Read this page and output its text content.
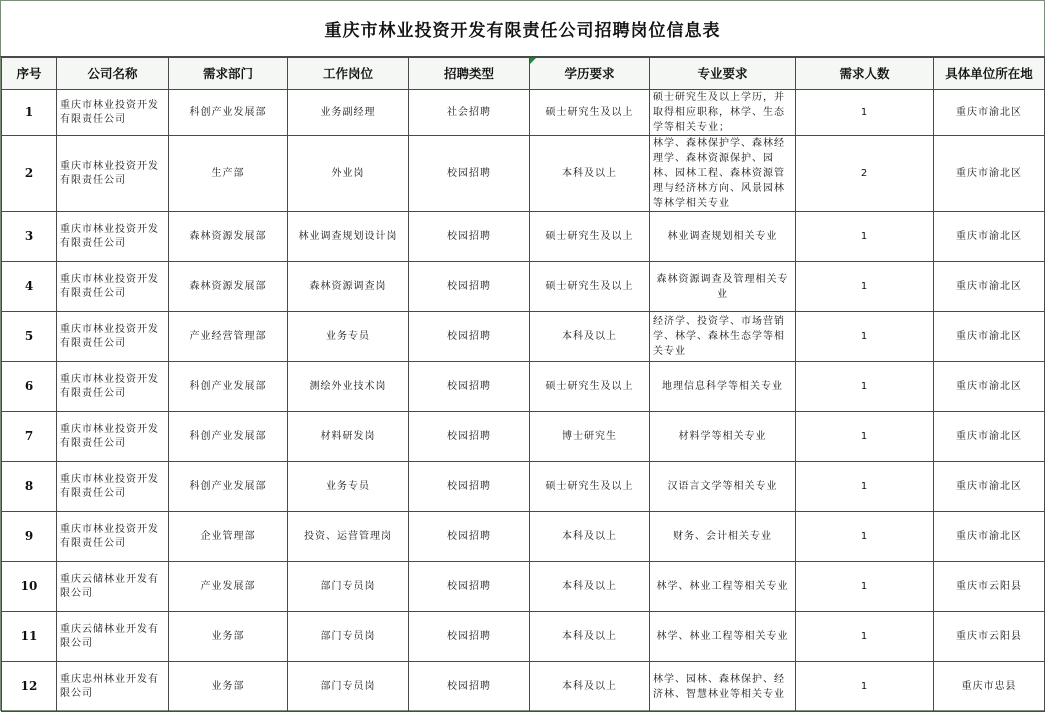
重庆市林业投资开发有限责任公司招聘岗位信息表
序号	公司名称	需求部门	工作岗位	招聘类型	学历要求	专业要求	需求人数	具体单位所在地
1	重庆市林业投资开发有限责任公司	科创产业发展部	业务副经理	社会招聘	硕士研究生及以上	硕士研究生及以上学历，并取得相应职称，林学、生态学等相关专业；	1	重庆市渝北区
2	重庆市林业投资开发有限责任公司	生产部	外业岗	校园招聘	本科及以上	林学、森林保护学、森林经理学、森林资源保护、园林、园林工程、森林资源管理与经济林方向、风景园林等林学相关专业	2	重庆市渝北区
3	重庆市林业投资开发有限责任公司	森林资源发展部	林业调查规划设计岗	校园招聘	硕士研究生及以上	林业调查规划相关专业	1	重庆市渝北区
4	重庆市林业投资开发有限责任公司	森林资源发展部	森林资源调查岗	校园招聘	硕士研究生及以上	森林资源调查及管理相关专业	1	重庆市渝北区
5	重庆市林业投资开发有限责任公司	产业经营管理部	业务专员	校园招聘	本科及以上	经济学、投资学、市场营销学、林学、森林生态学等相关专业	1	重庆市渝北区
6	重庆市林业投资开发有限责任公司	科创产业发展部	测绘外业技术岗	校园招聘	硕士研究生及以上	地理信息科学等相关专业	1	重庆市渝北区
7	重庆市林业投资开发有限责任公司	科创产业发展部	材料研发岗	校园招聘	博士研究生	材料学等相关专业	1	重庆市渝北区
8	重庆市林业投资开发有限责任公司	科创产业发展部	业务专员	校园招聘	硕士研究生及以上	汉语言文学等相关专业	1	重庆市渝北区
9	重庆市林业投资开发有限责任公司	企业管理部	投资、运营管理岗	校园招聘	本科及以上	财务、会计相关专业	1	重庆市渝北区
10	重庆云储林业开发有限公司	产业发展部	部门专员岗	校园招聘	本科及以上	林学、林业工程等相关专业	1	重庆市云阳县
11	重庆云储林业开发有限公司	业务部	部门专员岗	校园招聘	本科及以上	林学、林业工程等相关专业	1	重庆市云阳县
12	重庆忠州林业开发有限公司	业务部	部门专员岗	校园招聘	本科及以上	林学、园林、森林保护、经济林、智慧林业等相关专业	1	重庆市忠县
